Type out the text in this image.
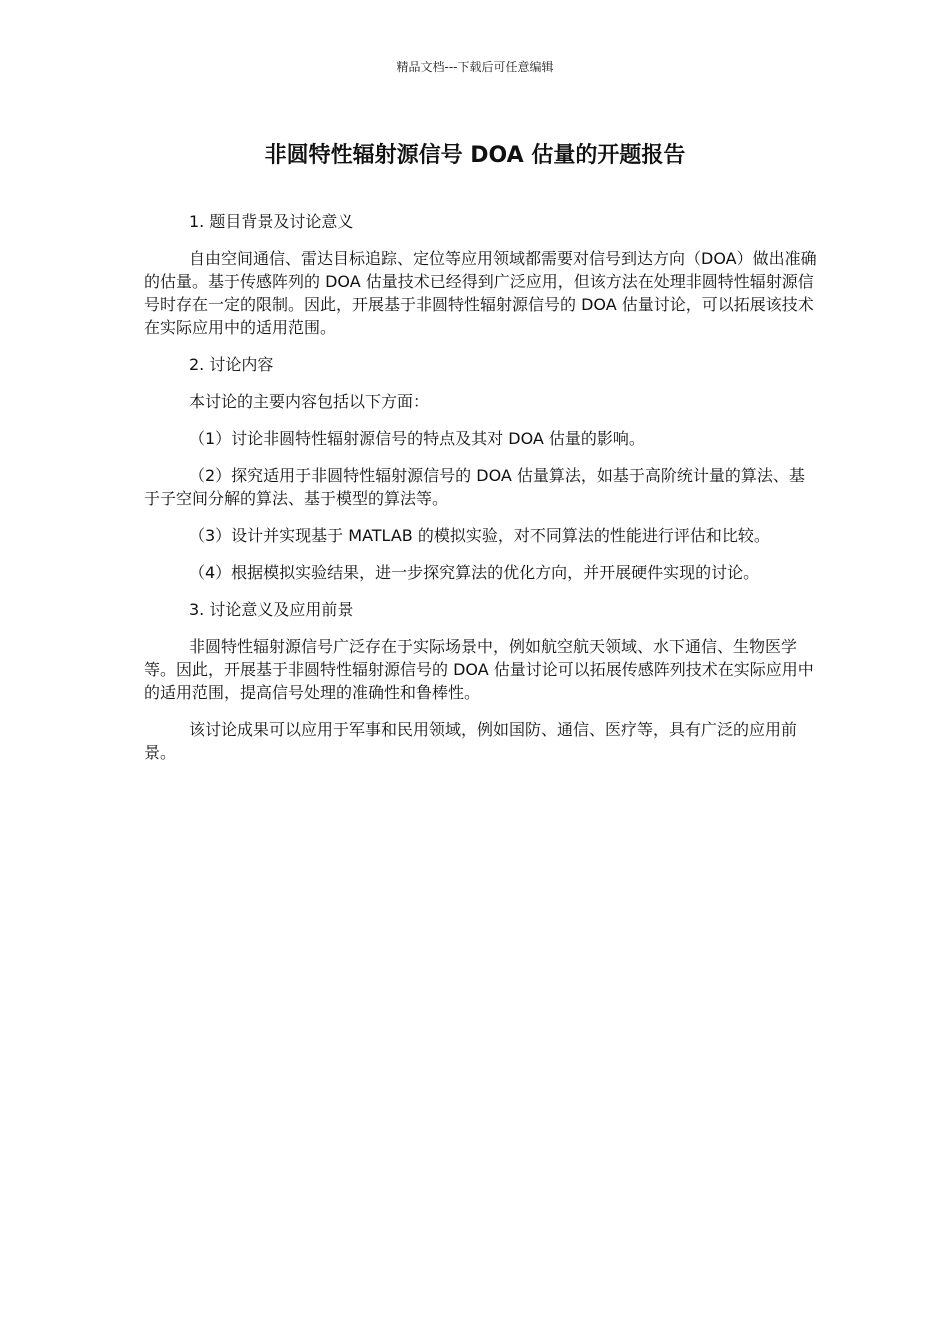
精品文档---下载后可任意编辑
非圆特性辐射源信号 DOA 估量的开题报告

1. 题目背景及讨论意义

自由空间通信、雷达目标追踪、定位等应用领域都需要对信号到达方向（DOA）做出准确的估量。基于传感阵列的 DOA 估量技术已经得到广泛应用，但该方法在处理非圆特性辐射源信号时存在一定的限制。因此，开展基于非圆特性辐射源信号的 DOA 估量讨论，可以拓展该技术在实际应用中的适用范围。

2. 讨论内容

本讨论的主要内容包括以下方面：

（1）讨论非圆特性辐射源信号的特点及其对 DOA 估量的影响。

（2）探究适用于非圆特性辐射源信号的 DOA 估量算法，如基于高阶统计量的算法、基于子空间分解的算法、基于模型的算法等。

（3）设计并实现基于 MATLAB 的模拟实验，对不同算法的性能进行评估和比较。

（4）根据模拟实验结果，进一步探究算法的优化方向，并开展硬件实现的讨论。

3. 讨论意义及应用前景

非圆特性辐射源信号广泛存在于实际场景中，例如航空航天领域、水下通信、生物医学等。因此，开展基于非圆特性辐射源信号的 DOA 估量讨论可以拓展传感阵列技术在实际应用中的适用范围，提高信号处理的准确性和鲁棒性。

该讨论成果可以应用于军事和民用领域，例如国防、通信、医疗等，具有广泛的应用前景。
